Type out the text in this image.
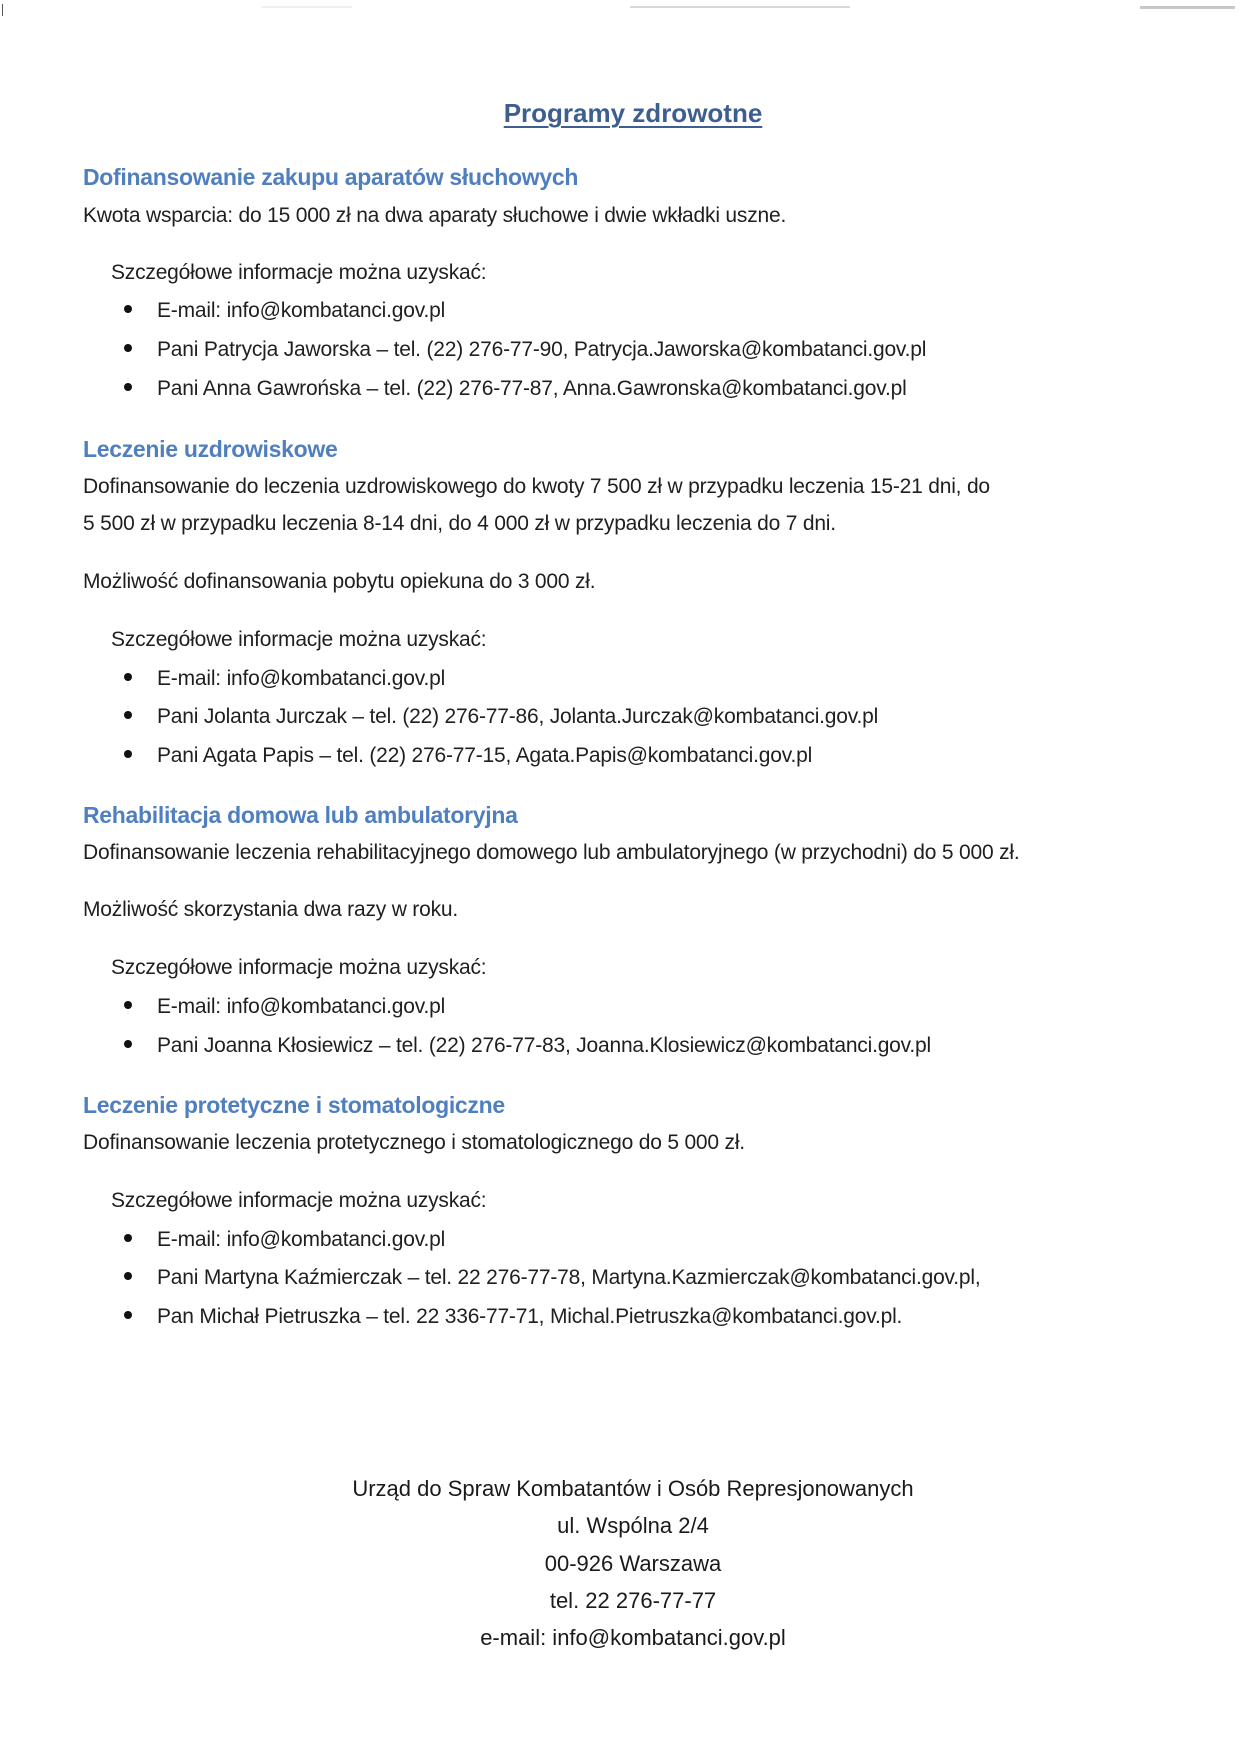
Programy zdrowotne
Dofinansowanie zakupu aparatów słuchowych
Kwota wsparcia: do 15 000 zł na dwa aparaty słuchowe i dwie wkładki uszne.
Szczegółowe informacje można uzyskać:
E-mail: info@kombatanci.gov.pl
Pani Patrycja Jaworska – tel. (22) 276-77-90, Patrycja.Jaworska@kombatanci.gov.pl
Pani Anna Gawrońska – tel. (22) 276-77-87, Anna.Gawronska@kombatanci.gov.pl
Leczenie uzdrowiskowe
Dofinansowanie do leczenia uzdrowiskowego do kwoty 7 500 zł w przypadku leczenia 15-21 dni, do
5 500 zł w przypadku leczenia 8-14 dni, do 4 000 zł w przypadku leczenia do 7 dni.
Możliwość dofinansowania pobytu opiekuna do 3 000 zł.
Szczegółowe informacje można uzyskać:
E-mail: info@kombatanci.gov.pl
Pani Jolanta Jurczak – tel. (22) 276-77-86, Jolanta.Jurczak@kombatanci.gov.pl
Pani Agata Papis – tel. (22) 276-77-15, Agata.Papis@kombatanci.gov.pl
Rehabilitacja domowa lub ambulatoryjna
Dofinansowanie leczenia rehabilitacyjnego domowego lub ambulatoryjnego (w przychodni) do 5 000 zł.
Możliwość skorzystania dwa razy w roku.
Szczegółowe informacje można uzyskać:
E-mail: info@kombatanci.gov.pl
Pani Joanna Kłosiewicz – tel. (22) 276-77-83, Joanna.Klosiewicz@kombatanci.gov.pl
Leczenie protetyczne i stomatologiczne
Dofinansowanie leczenia protetycznego i stomatologicznego do 5 000 zł.
Szczegółowe informacje można uzyskać:
E-mail: info@kombatanci.gov.pl
Pani Martyna Kaźmierczak – tel. 22 276-77-78, Martyna.Kazmierczak@kombatanci.gov.pl,
Pan Michał Pietruszka – tel. 22 336-77-71, Michal.Pietruszka@kombatanci.gov.pl.
Urząd do Spraw Kombatantów i Osób Represjonowanych
ul. Wspólna 2/4
00-926 Warszawa
tel. 22 276-77-77
e-mail: info@kombatanci.gov.pl
